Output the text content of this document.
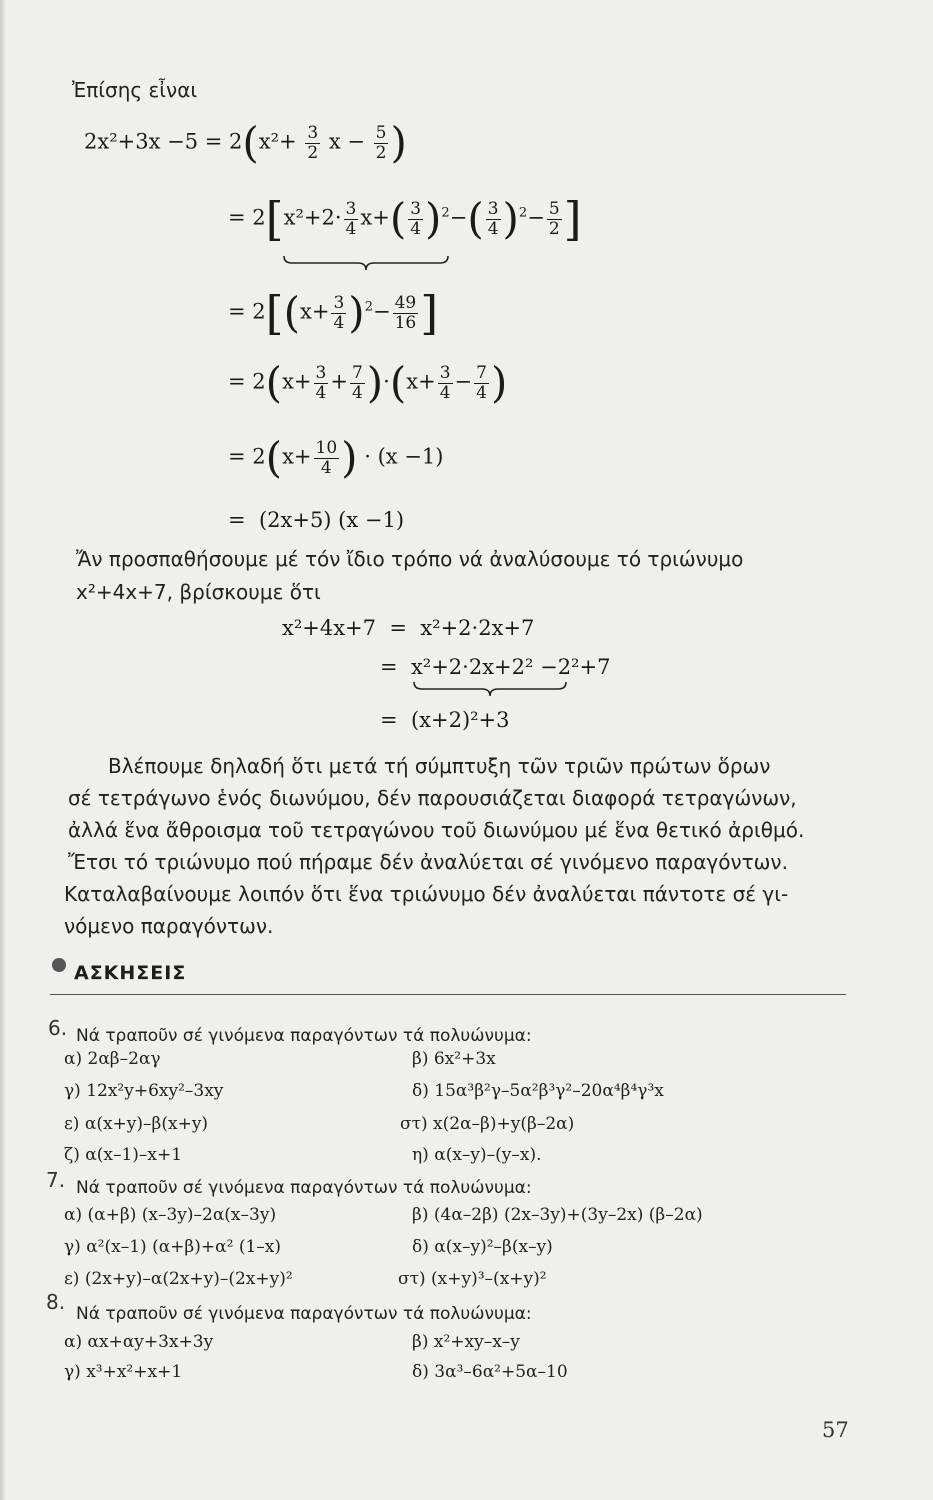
Ἐπίσης εἶναι
$2x^2+3x -5 = 2(x^2+ \frac{3}{2}$ $x - \frac{5}{2}$ )
= $2[x^2+2\cdot \frac{3}{4} x+( \frac{3}{4} )^2-( \frac{3}{4} )^2- \frac{5}{2}$ ]
= $2[(x+ \frac{3}{4} )^2- \frac{49}{16}$ ]
= $2(x+ \frac{3}{4} + \frac{7}{4} )\cdot(x+ \frac{3}{4} - \frac{7}{4}$ )
= $2(x+ \frac{10}{4}$ ) · (x −1)
=  (2x+5) (x −1)
Ἄν προσπαθήσουμε μέ τόν ἴδιο τρόπο νά ἀναλύσουμε τό τριώνυμο
x²+4x+7, βρίσκουμε ὅτι
x²+4x+7  =  x²+2·2x+7
=  x²+2·2x+2² −2²+7
=  (x+2)²+3
Βλέπουμε δηλαδή ὅτι μετά τή σύμπτυξη τῶν τριῶν πρώτων ὅρων
σέ τετράγωνο ἑνός διωνύμου, δέν παρουσιάζεται διαφορά τετραγώνων,
ἀλλά ἕνα ἄθροισμα τοῦ τετραγώνου τοῦ διωνύμου μέ ἕνα θετικό ἀριθμό.
Ἔτσι τό τριώνυμο πού πήραμε δέν ἀναλύεται σέ γινόμενο παραγόντων.
Καταλαβαίνουμε λοιπόν ὅτι ἕνα τριώνυμο δέν ἀναλύεται πάντοτε σέ γι-
νόμενο παραγόντων.
ΑΣΚΗΣΕΙΣ
6. Νά τραποῦν σέ γινόμενα παραγόντων τά πολυώνυμα:
α) 2αβ–2αγ	β) 6x²+3x
γ) 12x²y+6xy²–3xy	δ) 15α³β²γ–5α²β³γ²–20α⁴β⁴γ³x
ε) α(x+y)–β(x+y)	στ) x(2α–β)+y(β–2α)
ζ) α(x–1)–x+1	η) α(x–y)–(y–x).
7. Νά τραποῦν σέ γινόμενα παραγόντων τά πολυώνυμα:
α) (α+β) (x–3y)–2α(x–3y)	β) (4α–2β) (2x–3y)+(3y–2x) (β–2α)
γ) α²(x–1) (α+β)+α² (1–x)	δ) α(x–y)²–β(x–y)
ε) (2x+y)–α(2x+y)–(2x+y)²	στ) (x+y)³–(x+y)²
8. Νά τραποῦν σέ γινόμενα παραγόντων τά πολυώνυμα:
α) αx+αy+3x+3y	β) x²+xy–x–y
γ) x³+x²+x+1	δ) 3α³–6α²+5α–10
57
